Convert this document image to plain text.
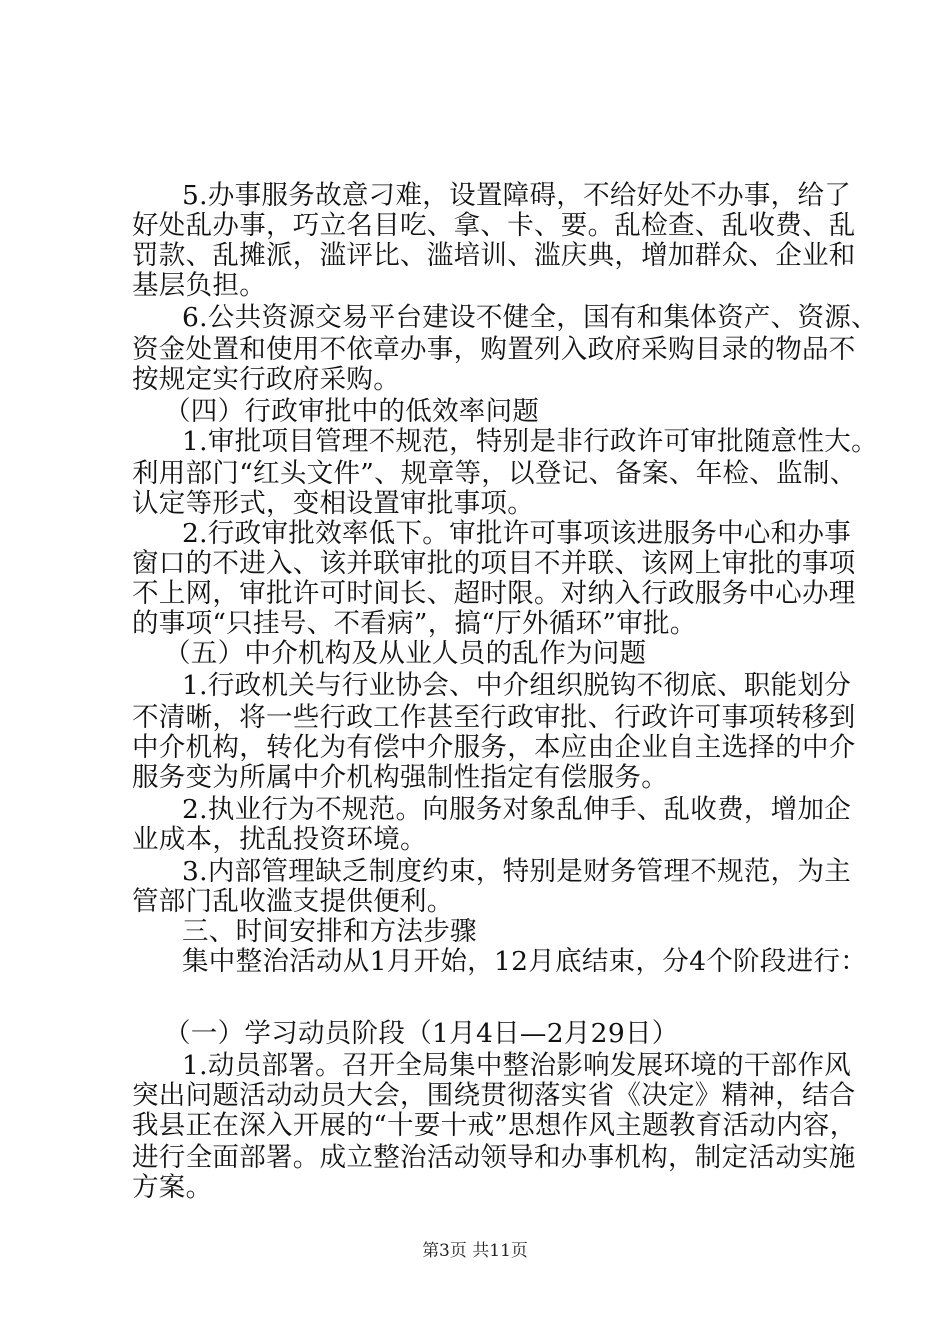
5.办事服务故意刁难，设置障碍，不给好处不办事，给了

好处乱办事，巧立名目吃、拿、卡、要。乱检查、乱收费、乱

罚款、乱摊派，滥评比、滥培训、滥庆典，增加群众、企业和

基层负担。

6.公共资源交易平台建设不健全，国有和集体资产、资源、

资金处置和使用不依章办事，购置列入政府采购目录的物品不

按规定实行政府采购。

（四）行政审批中的低效率问题

1.审批项目管理不规范，特别是非行政许可审批随意性大。

利用部门“红头文件”、规章等，以登记、备案、年检、监制、

认定等形式，变相设置审批事项。

2.行政审批效率低下。审批许可事项该进服务中心和办事

窗口的不进入、该并联审批的项目不并联、该网上审批的事项

不上网，审批许可时间长、超时限。对纳入行政服务中心办理

的事项“只挂号、不看病”，搞“厅外循环”审批。

（五）中介机构及从业人员的乱作为问题

1.行政机关与行业协会、中介组织脱钩不彻底、职能划分

不清晰，将一些行政工作甚至行政审批、行政许可事项转移到

中介机构，转化为有偿中介服务，本应由企业自主选择的中介

服务变为所属中介机构强制性指定有偿服务。

2.执业行为不规范。向服务对象乱伸手、乱收费，增加企

业成本，扰乱投资环境。

3.内部管理缺乏制度约束，特别是财务管理不规范，为主

管部门乱收滥支提供便利。

三、时间安排和方法步骤

集中整治活动从1月开始，12月底结束，分4个阶段进行：

（一）学习动员阶段（1月4日—2月29日）

1.动员部署。召开全局集中整治影响发展环境的干部作风

突出问题活动动员大会，围绕贯彻落实省《决定》精神，结合

我县正在深入开展的“十要十戒”思想作风主题教育活动内容，

进行全面部署。成立整治活动领导和办事机构，制定活动实施

方案。

第3页 共11页
